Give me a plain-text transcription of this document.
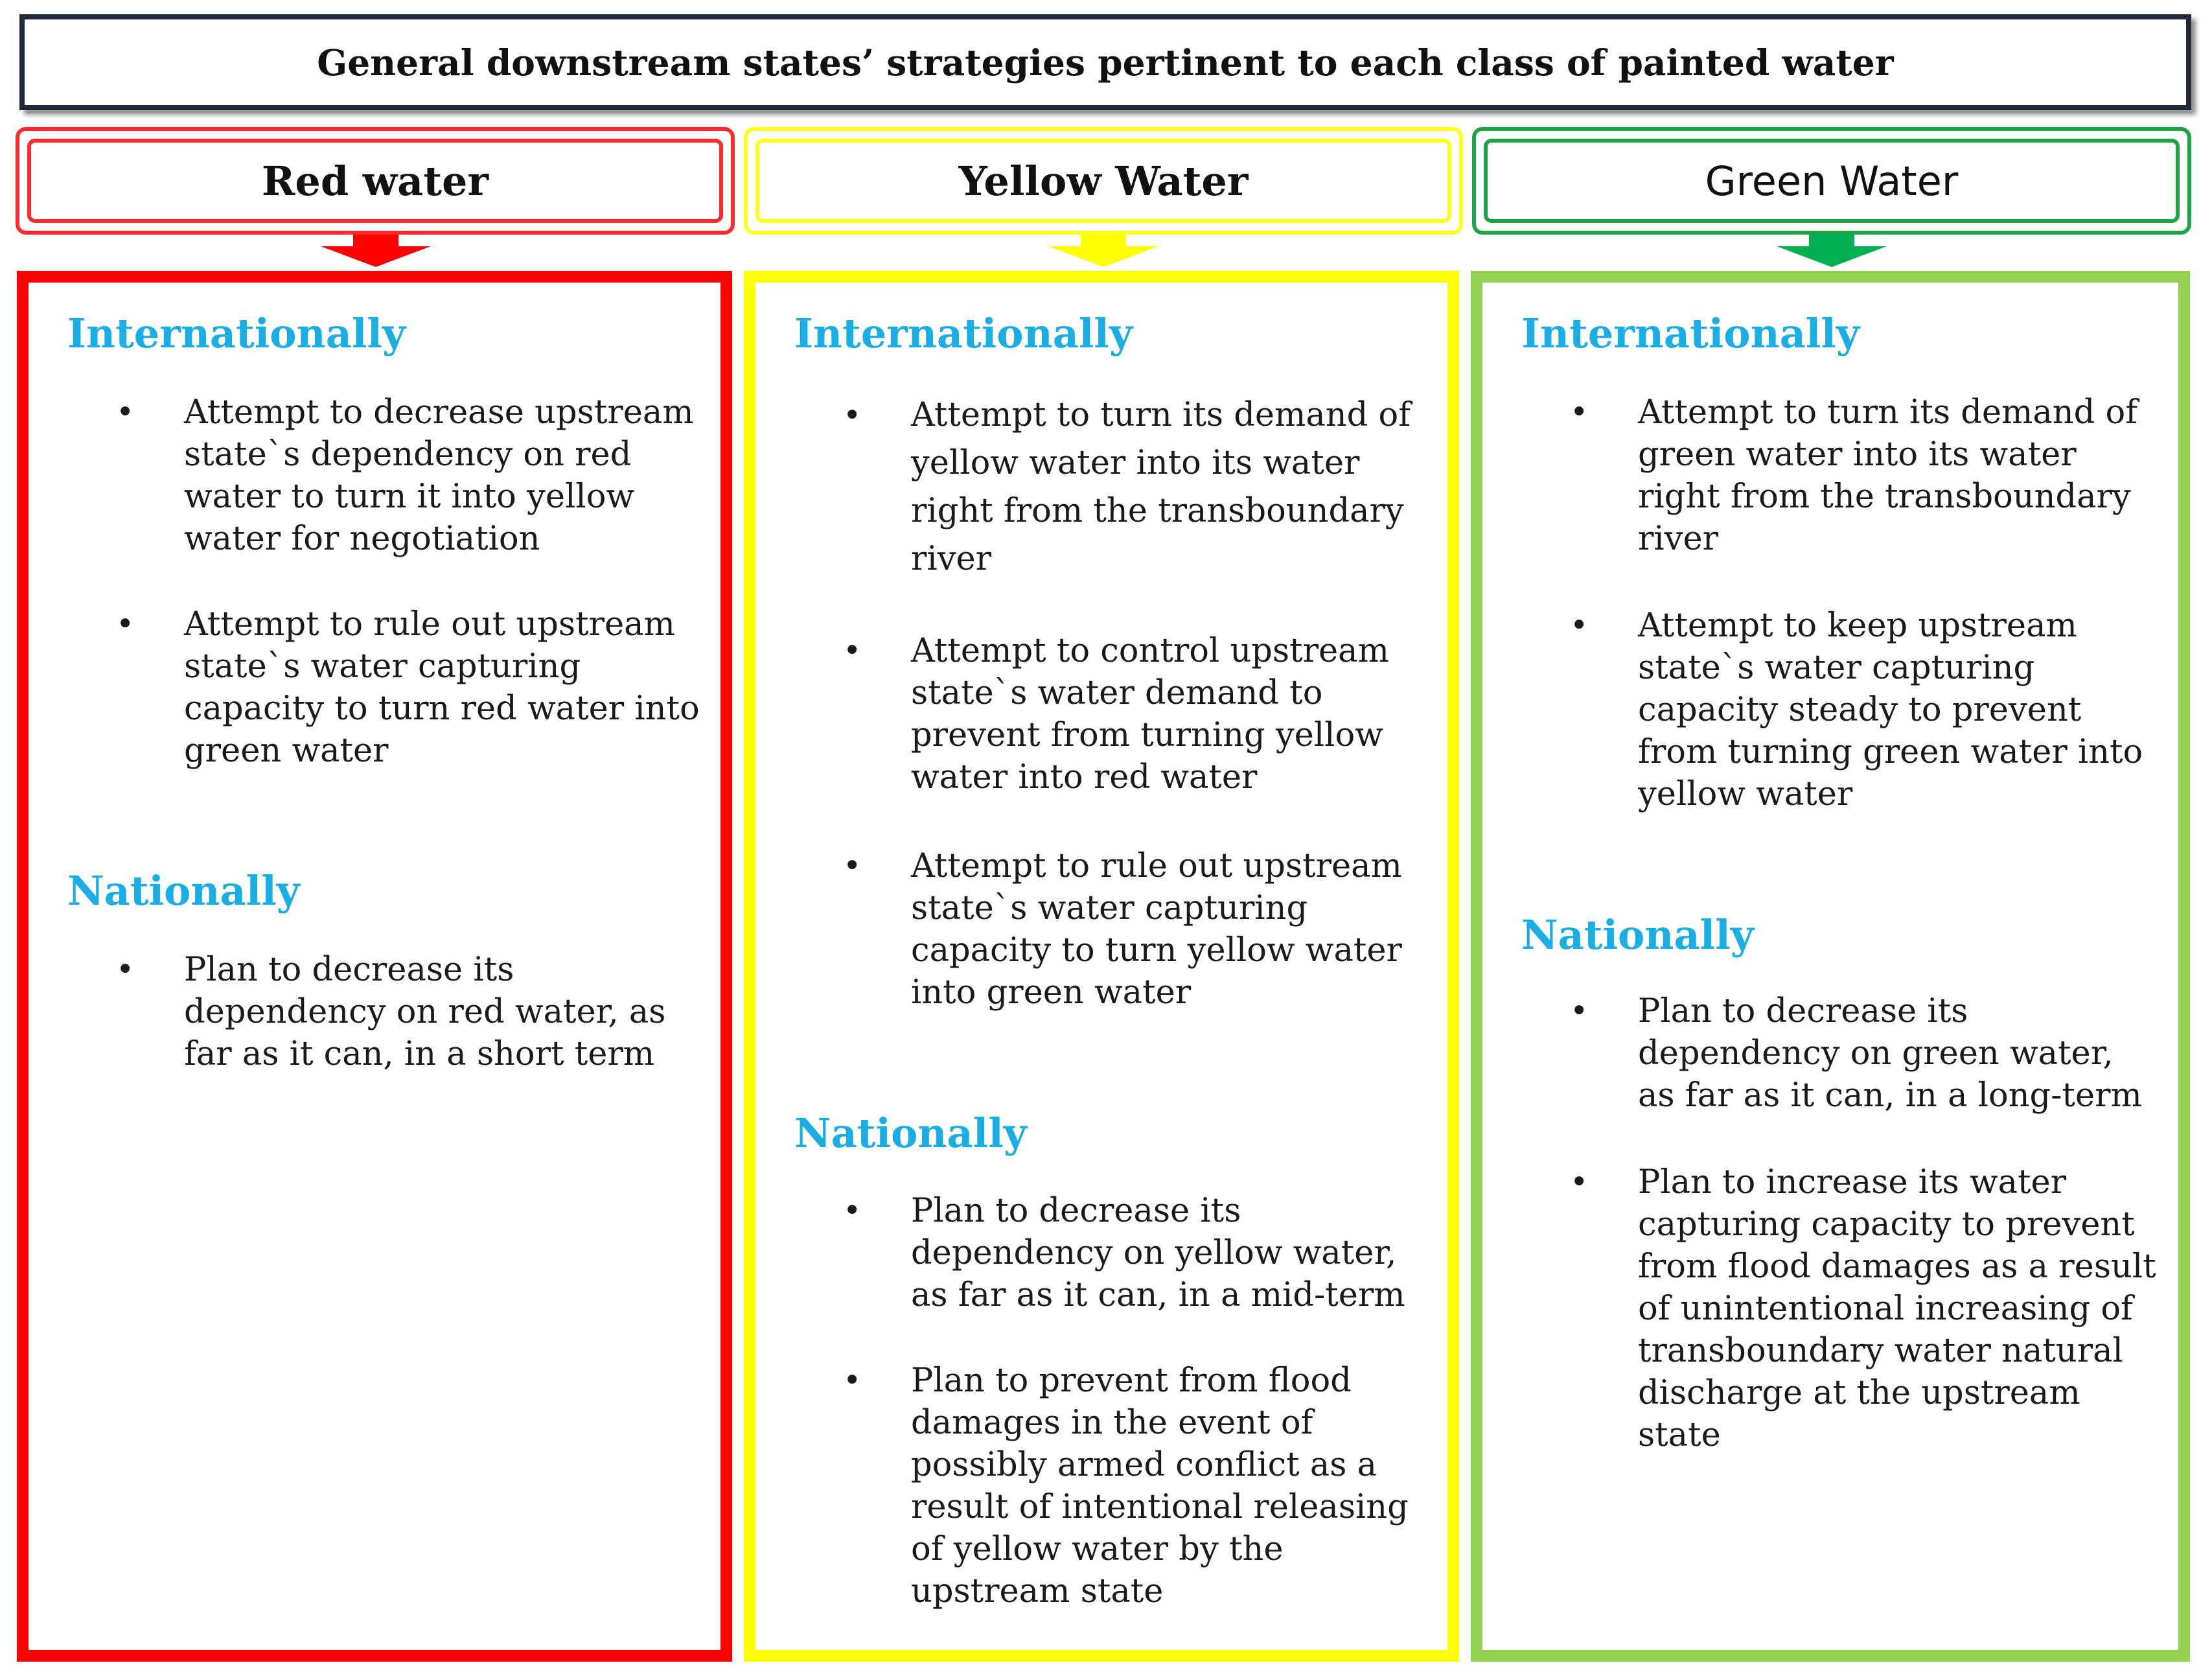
General downstream states’ strategies pertinent to each class of painted water
Red water	Yellow Water	Green Water
Internationally
• Attempt to decrease upstream state`s dependency on red water to turn it into yellow water for negotiation
• Attempt to rule out upstream state`s water capturing capacity to turn red water into green water
Nationally
• Plan to decrease its dependency on red water, as far as it can, in a short term
Internationally
• Attempt to turn its demand of yellow water into its water right from the transboundary river
• Attempt to control upstream state`s water demand to prevent from turning yellow water into red water
• Attempt to rule out upstream state`s water capturing capacity to turn yellow water into green water
Nationally
• Plan to decrease its dependency on yellow water, as far as it can, in a mid-term
• Plan to prevent from flood damages in the event of possibly armed conflict as a result of intentional releasing of yellow water by the upstream state
Internationally
• Attempt to turn its demand of green water into its water right from the transboundary river
• Attempt to keep upstream state`s water capturing capacity steady to prevent from turning green water into yellow water
Nationally
• Plan to decrease its dependency on green water, as far as it can, in a long-term
• Plan to increase its water capturing capacity to prevent from flood damages as a result of unintentional increasing of transboundary water natural discharge at the upstream state
